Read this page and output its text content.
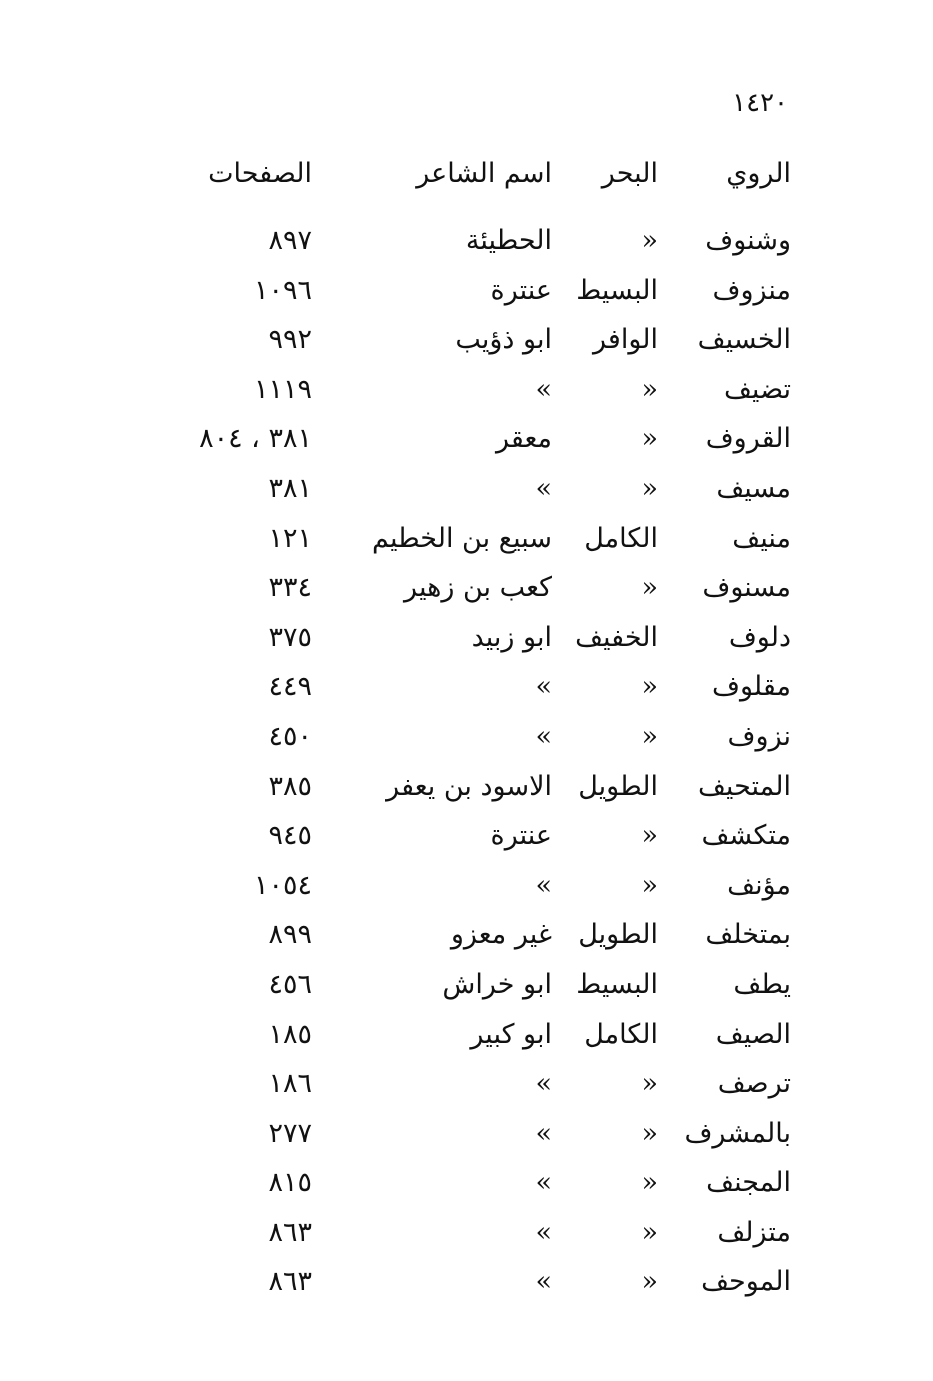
١٤٢٠
الروي
البحر
اسم الشاعر
الصفحات
وشنوف
«
الحطيئة
٨٩٧
منزوف
البسيط
عنترة
١٠٩٦
الخسيف
الوافر
ابو ذؤيب
٩٩٢
تضيف
«
»
١١١٩
القروف
«
معقر
٣٨١ ، ٨٠٤
مسيف
«
»
٣٨١
منيف
الكامل
سبيع بن الخطيم
١٢١
مسنوف
«
كعب بن زهير
٣٣٤
دلوف
الخفيف
ابو زبيد
٣٧٥
مقلوف
«
»
٤٤٩
نزوف
«
»
٤٥٠
المتحيف
الطويل
الاسود بن يعفر
٣٨٥
متكشف
«
عنترة
٩٤٥
مؤنف
«
»
١٠٥٤
بمتخلف
الطويل
غير معزو
٨٩٩
يطف
البسيط
ابو خراش
٤٥٦
الصيف
الكامل
ابو كبير
١٨٥
ترصف
«
»
١٨٦
بالمشرف
«
»
٢٧٧
المجنف
«
»
٨١٥
متزلف
«
»
٨٦٣
الموحف
«
»
٨٦٣
